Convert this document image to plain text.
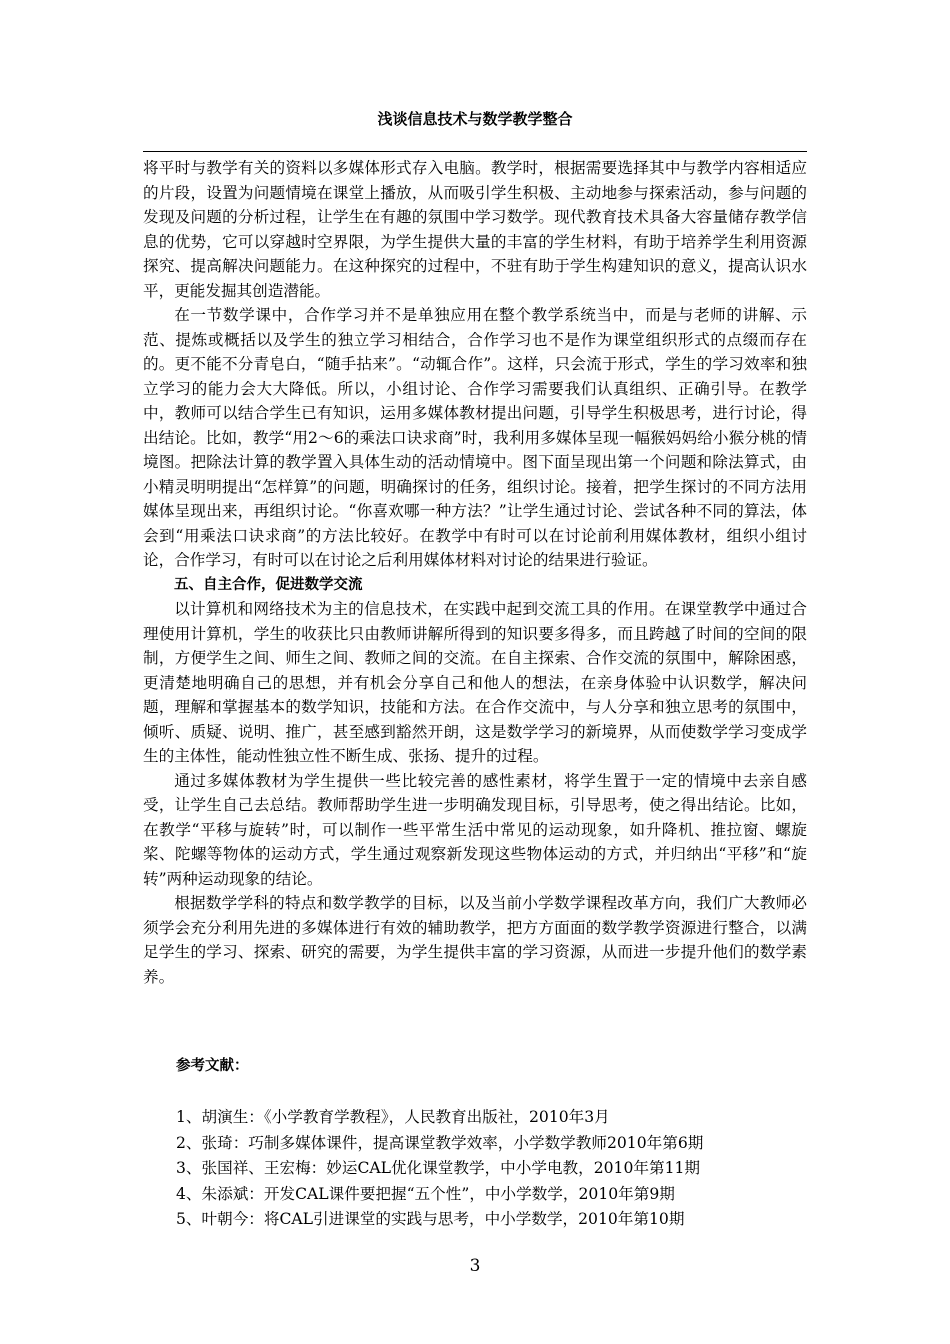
浅谈信息技术与数学教学整合

将平时与教学有关的资料以多媒体形式存入电脑。教学时，根据需要选择其中与教学内容相适应的片段，设置为问题情境在课堂上播放，从而吸引学生积极、主动地参与探索活动，参与问题的发现及问题的分析过程，让学生在有趣的氛围中学习数学。现代教育技术具备大容量储存教学信息的优势，它可以穿越时空界限，为学生提供大量的丰富的学生材料，有助于培养学生利用资源探究、提高解决问题能力。在这种探究的过程中，不驻有助于学生构建知识的意义，提高认识水平，更能发掘其创造潜能。

在一节数学课中，合作学习并不是单独应用在整个教学系统当中，而是与老师的讲解、示范、提炼或概括以及学生的独立学习相结合，合作学习也不是作为课堂组织形式的点缀而存在的。更不能不分青皂白，“随手拈来”。“动辄合作”。这样，只会流于形式，学生的学习效率和独立学习的能力会大大降低。所以，小组讨论、合作学习需要我们认真组织、正确引导。在教学中，教师可以结合学生已有知识，运用多媒体教材提出问题，引导学生积极思考，进行讨论，得出结论。比如，教学“用2～6的乘法口诀求商”时，我利用多媒体呈现一幅猴妈妈给小猴分桃的情境图。把除法计算的教学置入具体生动的活动情境中。图下面呈现出第一个问题和除法算式，由小精灵明明提出“怎样算”的问题，明确探讨的任务，组织讨论。接着，把学生探讨的不同方法用媒体呈现出来，再组织讨论。“你喜欢哪一种方法？”让学生通过讨论、尝试各种不同的算法，体会到“用乘法口诀求商”的方法比较好。在教学中有时可以在讨论前利用媒体教材，组织小组讨论，合作学习，有时可以在讨论之后利用媒体材料对讨论的结果进行验证。

五、自主合作，促进数学交流

以计算机和网络技术为主的信息技术，在实践中起到交流工具的作用。在课堂教学中通过合理使用计算机，学生的收获比只由教师讲解所得到的知识要多得多，而且跨越了时间的空间的限制，方便学生之间、师生之间、教师之间的交流。在自主探索、合作交流的氛围中，解除困惑，更清楚地明确自己的思想，并有机会分享自己和他人的想法，在亲身体验中认识数学，解决问题，理解和掌握基本的数学知识，技能和方法。在合作交流中，与人分享和独立思考的氛围中，倾听、质疑、说明、推广，甚至感到豁然开朗，这是数学学习的新境界，从而使数学学习变成学生的主体性，能动性独立性不断生成、张扬、提升的过程。

通过多媒体教材为学生提供一些比较完善的感性素材，将学生置于一定的情境中去亲自感受，让学生自己去总结。教师帮助学生进一步明确发现目标，引导思考，使之得出结论。比如，在教学“平移与旋转”时，可以制作一些平常生活中常见的运动现象，如升降机、推拉窗、螺旋桨、陀螺等物体的运动方式，学生通过观察新发现这些物体运动的方式，并归纳出“平移”和“旋转”两种运动现象的结论。

根据数学学科的特点和数学教学的目标，以及当前小学数学课程改革方向，我们广大教师必须学会充分利用先进的多媒体进行有效的辅助教学，把方方面面的数学教学资源进行整合，以满足学生的学习、探索、研究的需要，为学生提供丰富的学习资源，从而进一步提升他们的数学素养。

参考文献：
1、胡演生：《小学教育学教程》，人民教育出版社，2010年3月
2、张琦：巧制多媒体课件，提高课堂教学效率，小学数学教师2010年第6期
3、张国祥、王宏梅：妙运CAL优化课堂教学，中小学电教，2010年第11期
4、朱添斌：开发CAL课件要把握“五个性”，中小学数学，2010年第9期
5、叶朝今：将CAL引进课堂的实践与思考，中小学数学，2010年第10期
3
